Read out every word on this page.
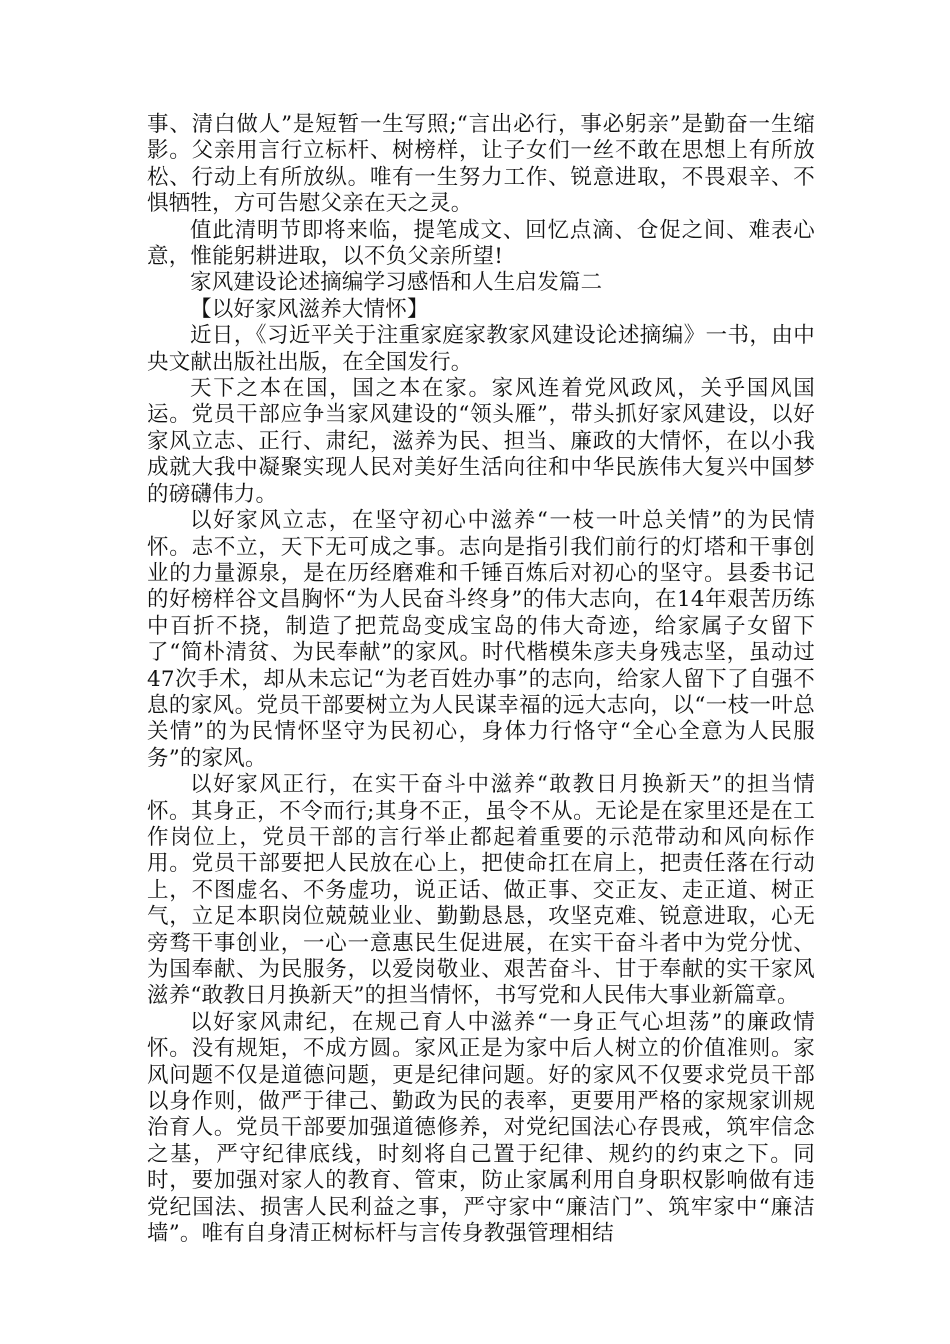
事、清白做人”是短暂一生写照;“言出必行，事必躬亲”是勤奋一生缩影。父亲用言行立标杆、树榜样，让子女们一丝不敢在思想上有所放松、行动上有所放纵。唯有一生努力工作、锐意进取，不畏艰辛、不惧牺牲，方可告慰父亲在天之灵。

值此清明节即将来临，提笔成文、回忆点滴、仓促之间、难表心意，惟能躬耕进取，以不负父亲所望!

家风建设论述摘编学习感悟和人生启发篇二

【以好家风滋养大情怀】

近日，《习近平关于注重家庭家教家风建设论述摘编》一书，由中央文献出版社出版，在全国发行。

天下之本在国，国之本在家。家风连着党风政风，关乎国风国运。党员干部应争当家风建设的“领头雁”，带头抓好家风建设，以好家风立志、正行、肃纪，滋养为民、担当、廉政的大情怀，在以小我成就大我中凝聚实现人民对美好生活向往和中华民族伟大复兴中国梦的磅礴伟力。

以好家风立志，在坚守初心中滋养“一枝一叶总关情”的为民情怀。志不立，天下无可成之事。志向是指引我们前行的灯塔和干事创业的力量源泉，是在历经磨难和千锤百炼后对初心的坚守。县委书记的好榜样谷文昌胸怀“为人民奋斗终身”的伟大志向，在14年艰苦历练中百折不挠，制造了把荒岛变成宝岛的伟大奇迹，给家属子女留下了“简朴清贫、为民奉献”的家风。时代楷模朱彦夫身残志坚，虽动过47次手术，却从未忘记“为老百姓办事”的志向，给家人留下了自强不息的家风。党员干部要树立为人民谋幸福的远大志向，以“一枝一叶总关情”的为民情怀坚守为民初心，身体力行恪守“全心全意为人民服务”的家风。

以好家风正行，在实干奋斗中滋养“敢教日月换新天”的担当情怀。其身正，不令而行;其身不正，虽令不从。无论是在家里还是在工作岗位上，党员干部的言行举止都起着重要的示范带动和风向标作用。党员干部要把人民放在心上，把使命扛在肩上，把责任落在行动上，不图虚名、不务虚功，说正话、做正事、交正友、走正道、树正气，立足本职岗位兢兢业业、勤勤恳恳，攻坚克难、锐意进取，心无旁骛干事创业，一心一意惠民生促进展，在实干奋斗者中为党分忧、为国奉献、为民服务，以爱岗敬业、艰苦奋斗、甘于奉献的实干家风滋养“敢教日月换新天”的担当情怀，书写党和人民伟大事业新篇章。

以好家风肃纪，在规己育人中滋养“一身正气心坦荡”的廉政情怀。没有规矩，不成方圆。家风正是为家中后人树立的价值准则。家风问题不仅是道德问题，更是纪律问题。好的家风不仅要求党员干部以身作则，做严于律己、勤政为民的表率，更要用严格的家规家训规治育人。党员干部要加强道德修养，对党纪国法心存畏戒，筑牢信念之基，严守纪律底线，时刻将自己置于纪律、规约的约束之下。同时，要加强对家人的教育、管束，防止家属利用自身职权影响做有违党纪国法、损害人民利益之事，严守家中“廉洁门”、筑牢家中“廉洁墙”。唯有自身清正树标杆与言传身教强管理相结
